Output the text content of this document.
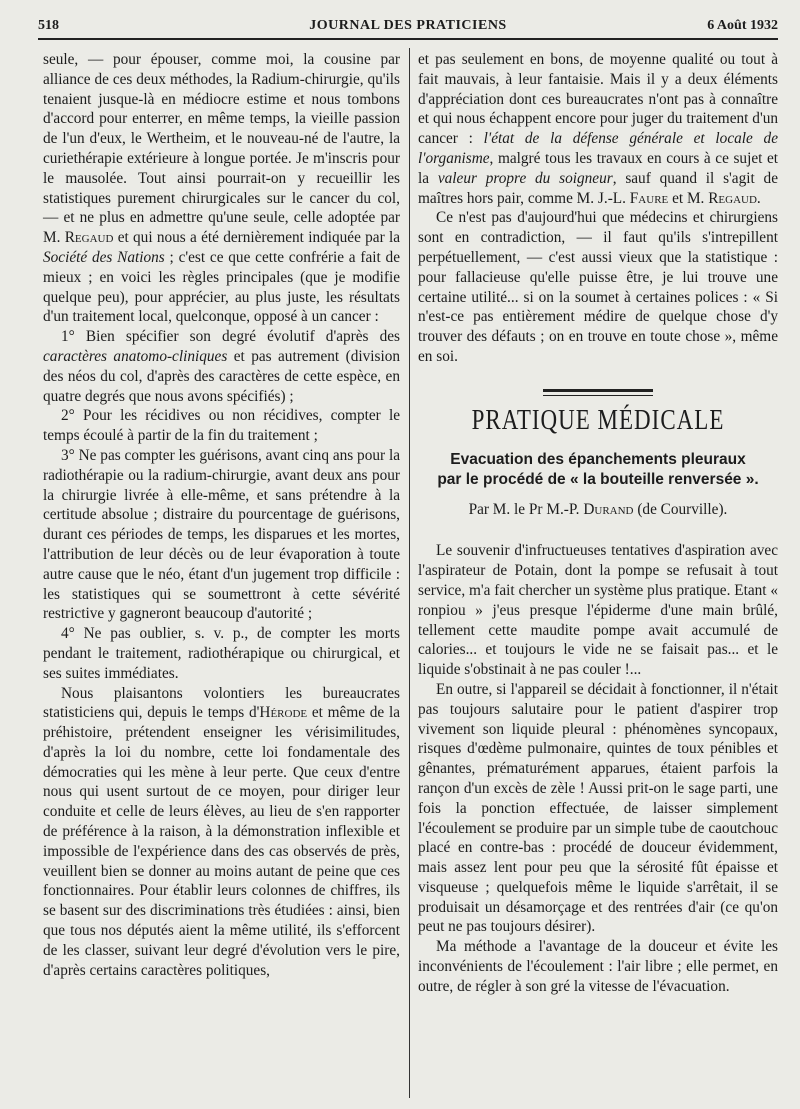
518	JOURNAL DES PRATICIENS	6 Août 1932

seule, — pour épouser, comme moi, la cousine par alliance de ces deux méthodes, la Radium-chirurgie, qu'ils tenaient jusque-là en médiocre estime et nous tombons d'accord pour enterrer, en même temps, la vieille passion de l'un d'eux, le Wertheim, et le nouveau-né de l'autre, la curiethérapie extérieure à longue portée. Je m'inscris pour le mausolée. Tout ainsi pourrait-on y recueillir les statistiques purement chirurgicales sur le cancer du col, — et ne plus en admettre qu'une seule, celle adoptée par M. Regaud et qui nous a été dernièrement indiquée par la Société des Nations ; c'est ce que cette confrérie a fait de mieux ; en voici les règles principales (que je modifie quelque peu), pour apprécier, au plus juste, les résultats d'un traitement local, quelconque, opposé à un cancer :

1° Bien spécifier son degré évolutif d'après des caractères anatomo-cliniques et pas autrement (division des néos du col, d'après des caractères de cette espèce, en quatre degrés que nous avons spécifiés) ;

2° Pour les récidives ou non récidives, compter le temps écoulé à partir de la fin du traitement ;

3° Ne pas compter les guérisons, avant cinq ans pour la radiothérapie ou la radium-chirurgie, avant deux ans pour la chirurgie livrée à elle-même, et sans prétendre à la certitude absolue ; distraire du pourcentage de guérisons, durant ces périodes de temps, les disparues et les mortes, l'attribution de leur décès ou de leur évaporation à toute autre cause que le néo, étant d'un jugement trop difficile : les statistiques qui se soumettront à cette sévérité restrictive y gagneront beaucoup d'autorité ;

4° Ne pas oublier, s. v. p., de compter les morts pendant le traitement, radiothérapique ou chirurgical, et ses suites immédiates.

Nous plaisantons volontiers les bureaucrates statisticiens qui, depuis le temps d'Hérode et même de la préhistoire, prétendent enseigner les vérisimilitudes, d'après la loi du nombre, cette loi fondamentale des démocraties qui les mène à leur perte. Que ceux d'entre nous qui usent surtout de ce moyen, pour diriger leur conduite et celle de leurs élèves, au lieu de s'en rapporter de préférence à la raison, à la démonstration inflexible et impossible de l'expérience dans des cas observés de près, veuillent bien se donner au moins autant de peine que ces fonctionnaires. Pour établir leurs colonnes de chiffres, ils se basent sur des discriminations très étudiées : ainsi, bien que tous nos députés aient la même utilité, ils s'efforcent de les classer, suivant leur degré d'évolution vers le pire, d'après certains caractères politiques,

et pas seulement en bons, de moyenne qualité ou tout à fait mauvais, à leur fantaisie. Mais il y a deux éléments d'appréciation dont ces bureaucrates n'ont pas à connaître et qui nous échappent encore pour juger du traitement d'un cancer : l'état de la défense générale et locale de l'organisme, malgré tous les travaux en cours à ce sujet et la valeur propre du soigneur, sauf quand il s'agit de maîtres hors pair, comme M. J.-L. Faure et M. Regaud.

Ce n'est pas d'aujourd'hui que médecins et chirurgiens sont en contradiction, — il faut qu'ils s'intrepillent perpétuellement, — c'est aussi vieux que la statistique : pour fallacieuse qu'elle puisse être, je lui trouve une certaine utilité... si on la soumet à certaines polices : « Si n'est-ce pas entièrement médire de quelque chose d'y trouver des défauts ; on en trouve en toute chose », même en soi.

PRATIQUE MÉDICALE
Evacuation des épanchements pleuraux
par le procédé de « la bouteille renversée ».
Par M. le Pr M.-P. Durand (de Courville).

Le souvenir d'infructueuses tentatives d'aspiration avec l'aspirateur de Potain, dont la pompe se refusait à tout service, m'a fait chercher un système plus pratique. Etant « ronpiou » j'eus presque l'épiderme d'une main brûlé, tellement cette maudite pompe avait accumulé de calories... et toujours le vide ne se faisait pas... et le liquide s'obstinait à ne pas couler !...

En outre, si l'appareil se décidait à fonctionner, il n'était pas toujours salutaire pour le patient d'aspirer trop vivement son liquide pleural : phénomènes syncopaux, risques d'œdème pulmonaire, quintes de toux pénibles et gênantes, prématurément apparues, étaient parfois la rançon d'un excès de zèle ! Aussi prit-on le sage parti, une fois la ponction effectuée, de laisser simplement l'écoulement se produire par un simple tube de caoutchouc placé en contre-bas : procédé de douceur évidemment, mais assez lent pour peu que la sérosité fût épaisse et visqueuse ; quelquefois même le liquide s'arrêtait, il se produisait un désamorçage et des rentrées d'air (ce qu'on peut ne pas toujours désirer).

Ma méthode a l'avantage de la douceur et évite les inconvénients de l'écoulement : l'air libre ; elle permet, en outre, de régler à son gré la vitesse de l'évacuation.
